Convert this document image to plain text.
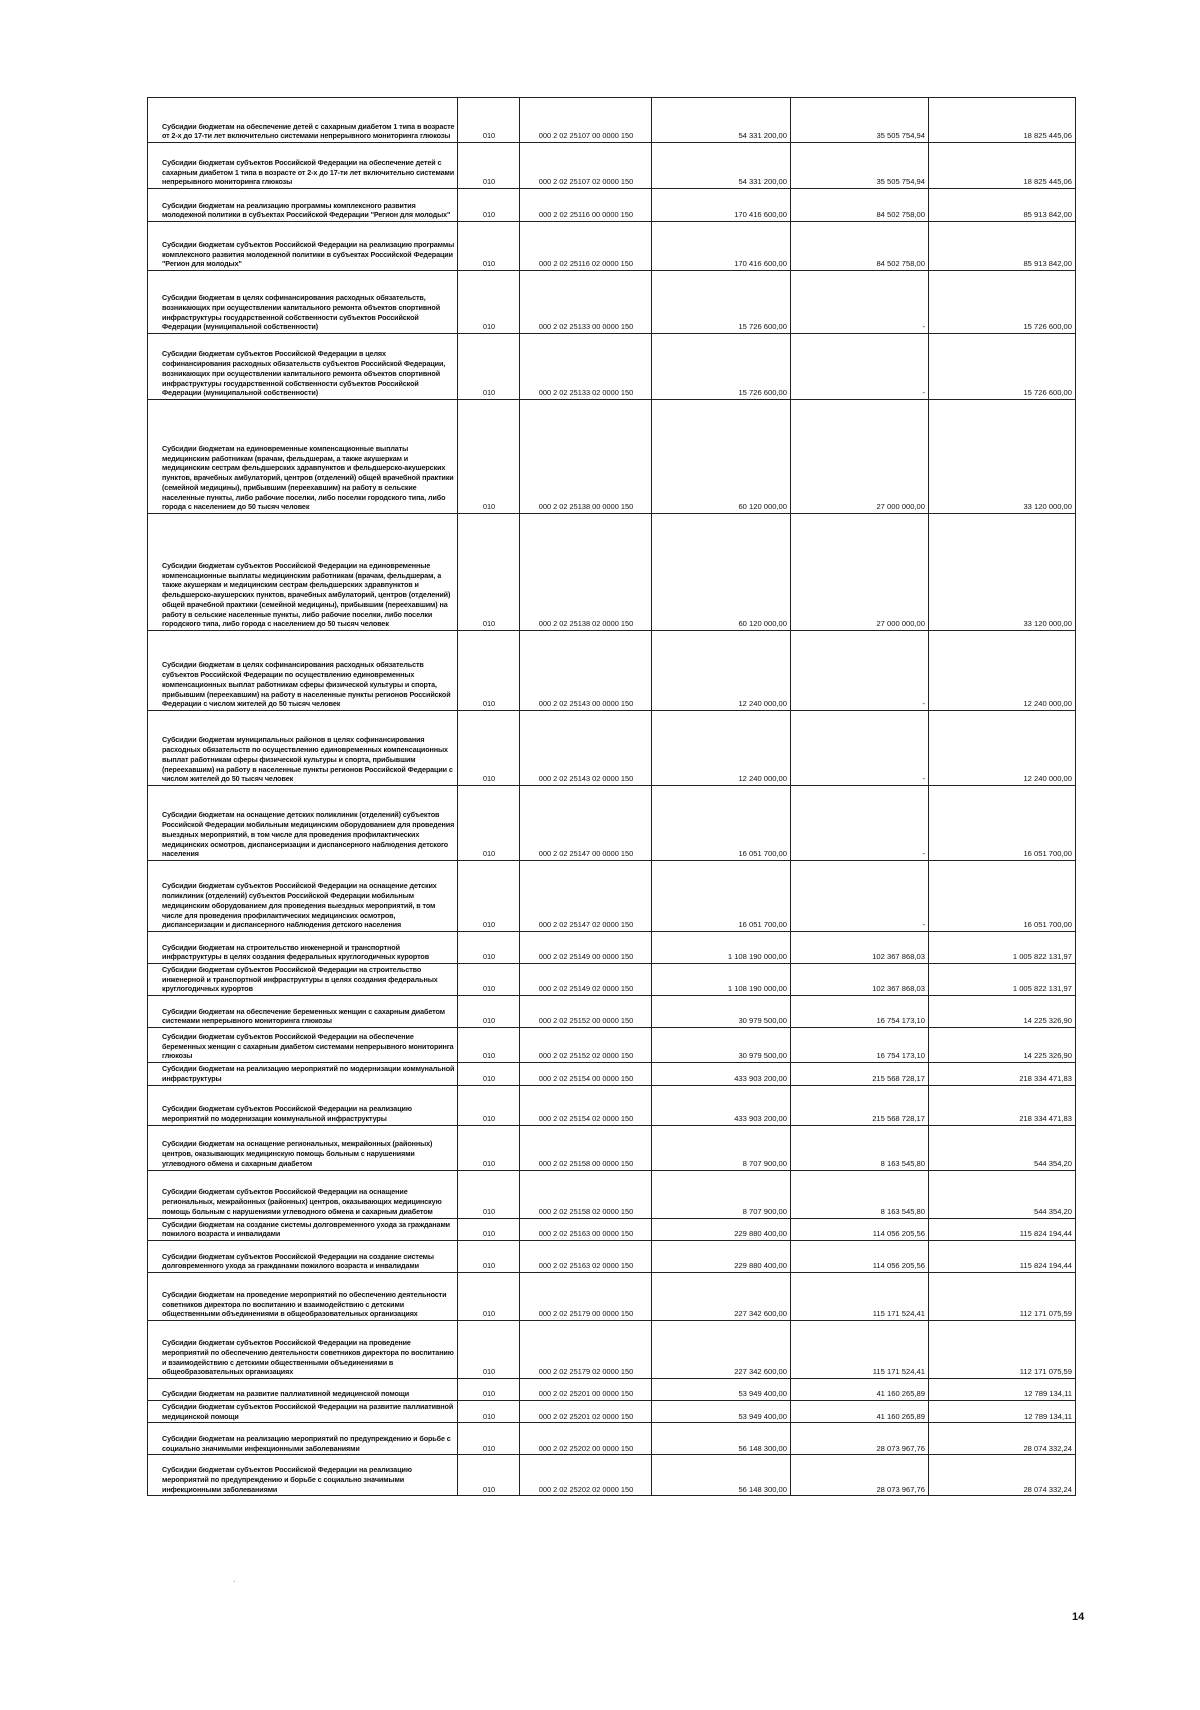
Субсидии бюджетам на обеспечение детей с сахарным диабетом 1 типа в возрасте от 2-х до 17-ти лет включительно системами непрерывного мониторинга глюкозы	010	000 2 02 25107 00 0000 150	54 331 200,00	35 505 754,94	18 825 445,06
Субсидии бюджетам субъектов Российской Федерации на обеспечение детей с сахарным диабетом 1 типа в возрасте от 2-х до 17-ти лет включительно системами непрерывного мониторинга глюкозы	010	000 2 02 25107 02 0000 150	54 331 200,00	35 505 754,94	18 825 445,06
Субсидии бюджетам на реализацию программы комплексного развития молодежной политики в субъектах Российской Федерации "Регион для молодых"	010	000 2 02 25116 00 0000 150	170 416 600,00	84 502 758,00	85 913 842,00
Субсидии бюджетам субъектов Российской Федерации на реализацию программы комплексного развития молодежной политики в субъектах Российской Федерации "Регион для молодых"	010	000 2 02 25116 02 0000 150	170 416 600,00	84 502 758,00	85 913 842,00
Субсидии бюджетам в целях софинансирования расходных обязательств, возникающих при осуществлении капитального ремонта объектов спортивной инфраструктуры государственной собственности субъектов Российской Федерации (муниципальной собственности)	010	000 2 02 25133 00 0000 150	15 726 600,00	-	15 726 600,00
Субсидии бюджетам субъектов Российской Федерации в целях софинансирования расходных обязательств субъектов Российской Федерации, возникающих при осуществлении капитального ремонта объектов спортивной инфраструктуры государственной собственности субъектов Российской Федерации (муниципальной собственности)	010	000 2 02 25133 02 0000 150	15 726 600,00	-	15 726 600,00
Субсидии бюджетам на единовременные компенсационные выплаты медицинским работникам (врачам, фельдшерам, а также акушеркам и медицинским сестрам фельдшерских здравпунктов и фельдшерско-акушерских пунктов, врачебных амбулаторий, центров (отделений) общей врачебной практики (семейной медицины), прибывшим (переехавшим) на работу в сельские населенные пункты, либо рабочие поселки, либо поселки городского типа, либо города с населением до 50 тысяч человек	010	000 2 02 25138 00 0000 150	60 120 000,00	27 000 000,00	33 120 000,00
Субсидии бюджетам субъектов Российской Федерации на единовременные компенсационные выплаты медицинским работникам (врачам, фельдшерам, а также акушеркам и медицинским сестрам фельдшерских здравпунктов и фельдшерско-акушерских пунктов, врачебных амбулаторий, центров (отделений) общей врачебной практики (семейной медицины), прибывшим (переехавшим) на работу в сельские населенные пункты, либо рабочие поселки, либо поселки городского типа, либо города с населением до 50 тысяч человек	010	000 2 02 25138 02 0000 150	60 120 000,00	27 000 000,00	33 120 000,00
Субсидии бюджетам в целях софинансирования расходных обязательств субъектов Российской Федерации по осуществлению единовременных компенсационных выплат работникам сферы физической культуры и спорта, прибывшим (переехавшим) на работу в населенные пункты регионов Российской Федерации с числом жителей до 50 тысяч человек	010	000 2 02 25143 00 0000 150	12 240 000,00	-	12 240 000,00
Субсидии бюджетам муниципальных районов в целях софинансирования расходных обязательств по осуществлению единовременных компенсационных выплат работникам сферы физической культуры и спорта, прибывшим (переехавшим) на работу в населенные пункты регионов Российской Федерации с числом жителей до 50 тысяч человек	010	000 2 02 25143 02 0000 150	12 240 000,00	-	12 240 000,00
Субсидии бюджетам на оснащение детских поликлиник (отделений) субъектов Российской Федерации мобильным медицинским оборудованием для проведения выездных мероприятий, в том числе для проведения профилактических медицинских осмотров, диспансеризации и диспансерного наблюдения детского населения	010	000 2 02 25147 00 0000 150	16 051 700,00	-	16 051 700,00
Субсидии бюджетам субъектов Российской Федерации на оснащение детских поликлиник (отделений) субъектов Российской Федерации мобильным медицинским оборудованием для проведения выездных мероприятий, в том числе для проведения профилактических медицинских осмотров, диспансеризации и диспансерного наблюдения детского населения	010	000 2 02 25147 02 0000 150	16 051 700,00	-	16 051 700,00
Субсидии бюджетам на строительство инженерной и транспортной инфраструктуры в целях создания федеральных круглогодичных курортов	010	000 2 02 25149 00 0000 150	1 108 190 000,00	102 367 868,03	1 005 822 131,97
Субсидии бюджетам субъектов Российской Федерации на строительство инженерной и транспортной инфраструктуры в целях создания федеральных круглогодичных курортов	010	000 2 02 25149 02 0000 150	1 108 190 000,00	102 367 868,03	1 005 822 131,97
Субсидии бюджетам на обеспечение беременных женщин с сахарным диабетом системами непрерывного мониторинга глюкозы	010	000 2 02 25152 00 0000 150	30 979 500,00	16 754 173,10	14 225 326,90
Субсидии бюджетам субъектов Российской Федерации на обеспечение беременных женщин с сахарным диабетом системами непрерывного мониторинга глюкозы	010	000 2 02 25152 02 0000 150	30 979 500,00	16 754 173,10	14 225 326,90
Субсидии бюджетам на реализацию мероприятий по модернизации коммунальной инфраструктуры	010	000 2 02 25154 00 0000 150	433 903 200,00	215 568 728,17	218 334 471,83
Субсидии бюджетам субъектов Российской Федерации на реализацию мероприятий по модернизации коммунальной инфраструктуры	010	000 2 02 25154 02 0000 150	433 903 200,00	215 568 728,17	218 334 471,83
Субсидии бюджетам на оснащение региональных, межрайонных (районных) центров, оказывающих медицинскую помощь больным с нарушениями углеводного обмена и сахарным диабетом	010	000 2 02 25158 00 0000 150	8 707 900,00	8 163 545,80	544 354,20
Субсидии бюджетам субъектов Российской Федерации на оснащение региональных, межрайонных (районных) центров, оказывающих медицинскую помощь больным с нарушениями углеводного обмена и сахарным диабетом	010	000 2 02 25158 02 0000 150	8 707 900,00	8 163 545,80	544 354,20
Субсидии бюджетам на создание системы долговременного ухода за гражданами пожилого возраста и инвалидами	010	000 2 02 25163 00 0000 150	229 880 400,00	114 056 205,56	115 824 194,44
Субсидии бюджетам субъектов Российской Федерации на создание системы долговременного ухода за гражданами пожилого возраста и инвалидами	010	000 2 02 25163 02 0000 150	229 880 400,00	114 056 205,56	115 824 194,44
Субсидии бюджетам на проведение мероприятий по обеспечению деятельности советников директора по воспитанию и взаимодействию с детскими общественными объединениями в общеобразовательных организациях	010	000 2 02 25179 00 0000 150	227 342 600,00	115 171 524,41	112 171 075,59
Субсидии бюджетам субъектов Российской Федерации на проведение мероприятий по обеспечению деятельности советников директора по воспитанию и взаимодействию с детскими общественными объединениями в общеобразовательных организациях	010	000 2 02 25179 02 0000 150	227 342 600,00	115 171 524,41	112 171 075,59
Субсидии бюджетам на развитие паллиативной медицинской помощи	010	000 2 02 25201 00 0000 150	53 949 400,00	41 160 265,89	12 789 134,11
Субсидии бюджетам субъектов Российской Федерации на развитие паллиативной медицинской помощи	010	000 2 02 25201 02 0000 150	53 949 400,00	41 160 265,89	12 789 134,11
Субсидии бюджетам на реализацию мероприятий по предупреждению и борьбе с социально значимыми инфекционными заболеваниями	010	000 2 02 25202 00 0000 150	56 148 300,00	28 073 967,76	28 074 332,24
Субсидии бюджетам субъектов Российской Федерации на реализацию мероприятий по предупреждению и борьбе с социально значимыми инфекционными заболеваниями	010	000 2 02 25202 02 0000 150	56 148 300,00	28 073 967,76	28 074 332,24
`
14
